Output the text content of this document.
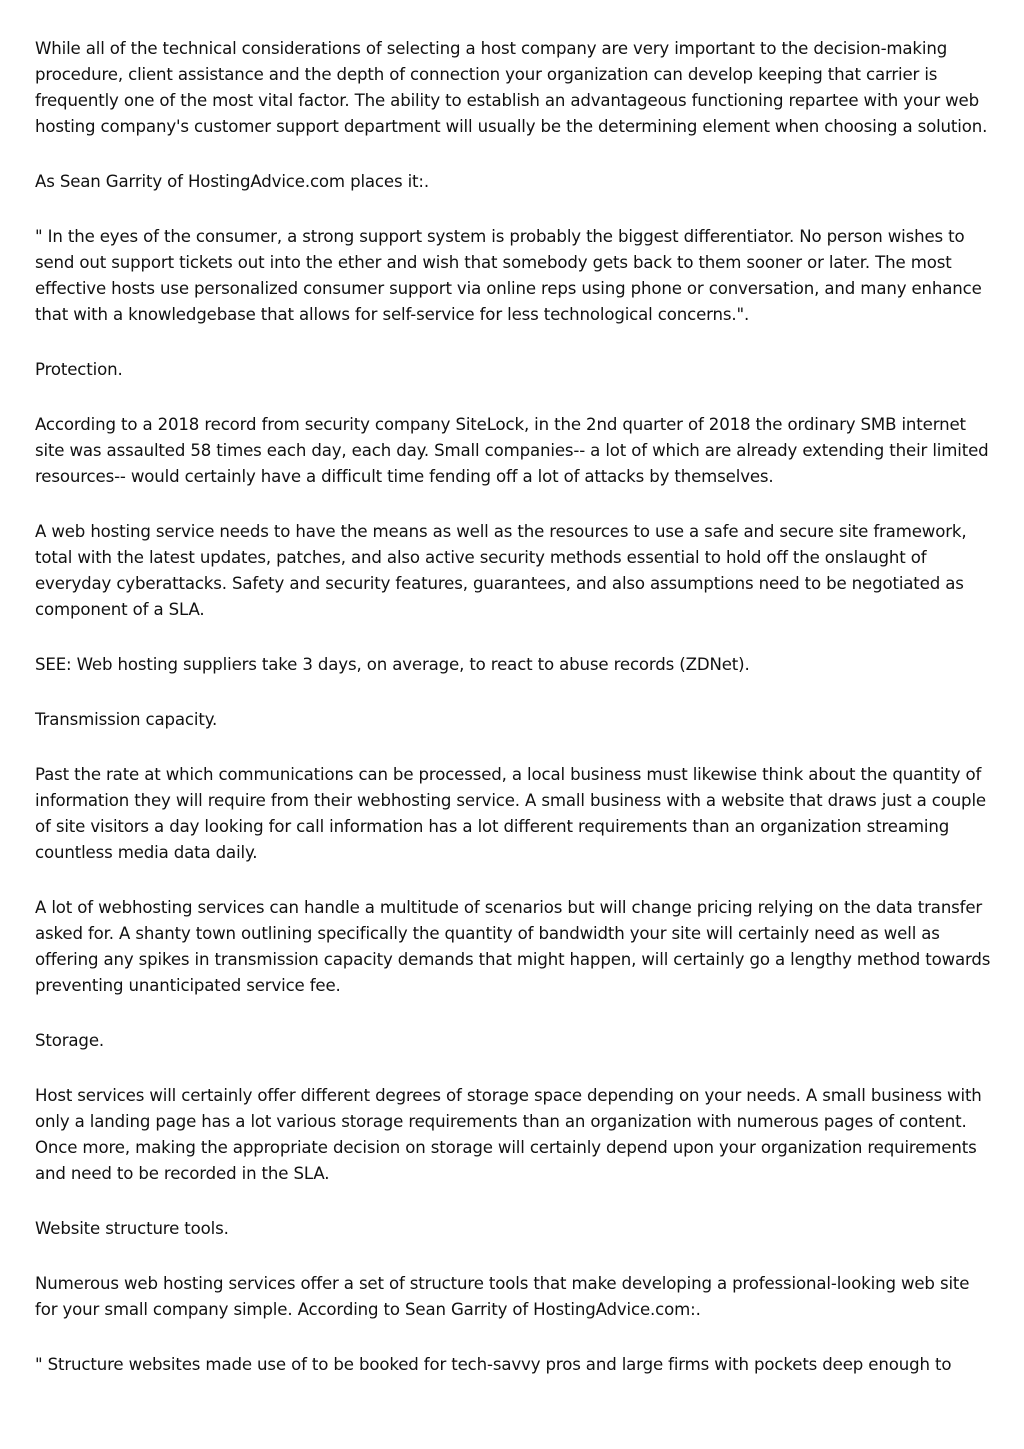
While all of the technical considerations of selecting a host company are very important to the decision-making procedure, client assistance and the depth of connection your organization can develop keeping that carrier is frequently one of the most vital factor. The ability to establish an advantageous functioning repartee with your web hosting company's customer support department will usually be the determining element when choosing a solution.

As Sean Garrity of HostingAdvice.com places it:.

" In the eyes of the consumer, a strong support system is probably the biggest differentiator. No person wishes to send out support tickets out into the ether and wish that somebody gets back to them sooner or later. The most effective hosts use personalized consumer support via online reps using phone or conversation, and many enhance that with a knowledgebase that allows for self-service for less technological concerns.".

Protection.

According to a 2018 record from security company SiteLock, in the 2nd quarter of 2018 the ordinary SMB internet site was assaulted 58 times each day, each day. Small companies-- a lot of which are already extending their limited resources-- would certainly have a difficult time fending off a lot of attacks by themselves.

A web hosting service needs to have the means as well as the resources to use a safe and secure site framework, total with the latest updates, patches, and also active security methods essential to hold off the onslaught of everyday cyberattacks. Safety and security features, guarantees, and also assumptions need to be negotiated as component of a SLA.

SEE: Web hosting suppliers take 3 days, on average, to react to abuse records (ZDNet).

Transmission capacity.

Past the rate at which communications can be processed, a local business must likewise think about the quantity of information they will require from their webhosting service. A small business with a website that draws just a couple of site visitors a day looking for call information has a lot different requirements than an organization streaming countless media data daily.

A lot of webhosting services can handle a multitude of scenarios but will change pricing relying on the data transfer asked for. A shanty town outlining specifically the quantity of bandwidth your site will certainly need as well as offering any spikes in transmission capacity demands that might happen, will certainly go a lengthy method towards preventing unanticipated service fee.

Storage.

Host services will certainly offer different degrees of storage space depending on your needs. A small business with only a landing page has a lot various storage requirements than an organization with numerous pages of content. Once more, making the appropriate decision on storage will certainly depend upon your organization requirements and need to be recorded in the SLA.

Website structure tools.

Numerous web hosting services offer a set of structure tools that make developing a professional-looking web site for your small company simple. According to Sean Garrity of HostingAdvice.com:.

" Structure websites made use of to be booked for tech-savvy pros and large firms with pockets deep enough to
